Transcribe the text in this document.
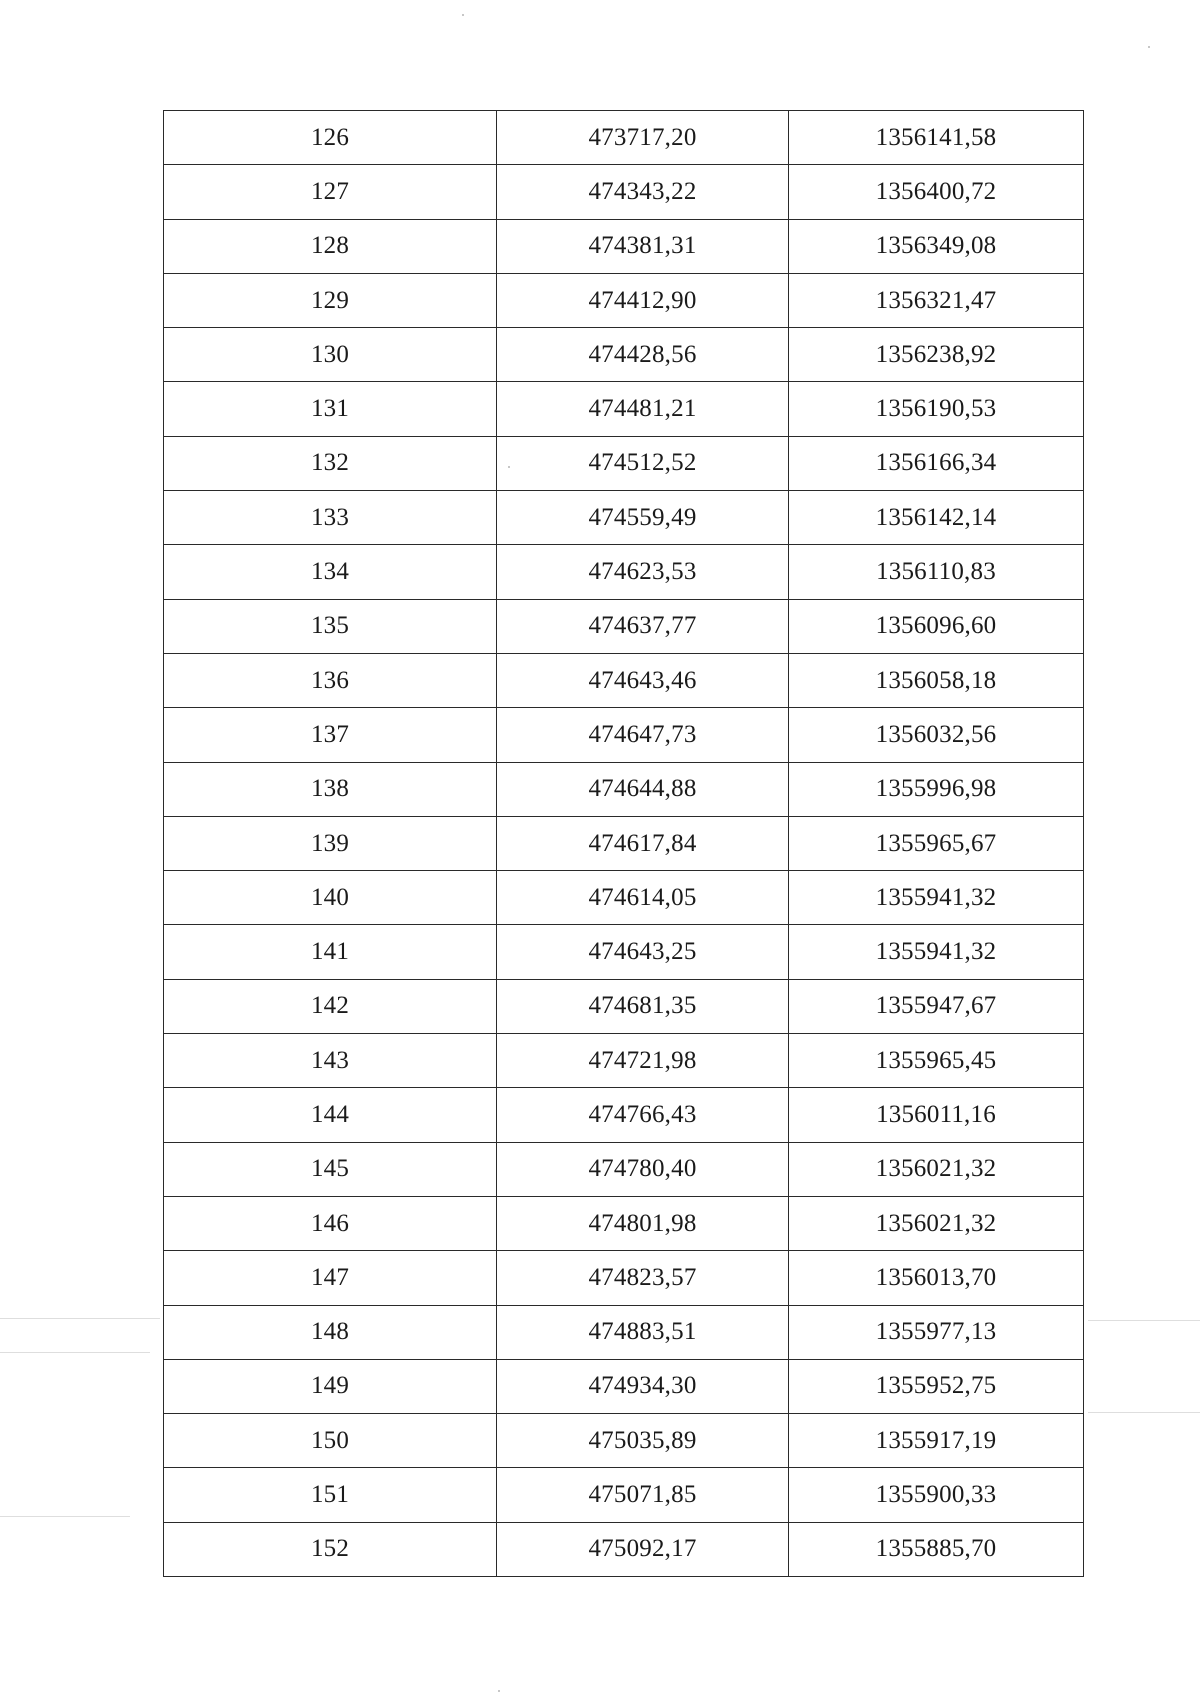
126	473717,20	1356141,58
127	474343,22	1356400,72
128	474381,31	1356349,08
129	474412,90	1356321,47
130	474428,56	1356238,92
131	474481,21	1356190,53
132	474512,52	1356166,34
133	474559,49	1356142,14
134	474623,53	1356110,83
135	474637,77	1356096,60
136	474643,46	1356058,18
137	474647,73	1356032,56
138	474644,88	1355996,98
139	474617,84	1355965,67
140	474614,05	1355941,32
141	474643,25	1355941,32
142	474681,35	1355947,67
143	474721,98	1355965,45
144	474766,43	1356011,16
145	474780,40	1356021,32
146	474801,98	1356021,32
147	474823,57	1356013,70
148	474883,51	1355977,13
149	474934,30	1355952,75
150	475035,89	1355917,19
151	475071,85	1355900,33
152	475092,17	1355885,70
